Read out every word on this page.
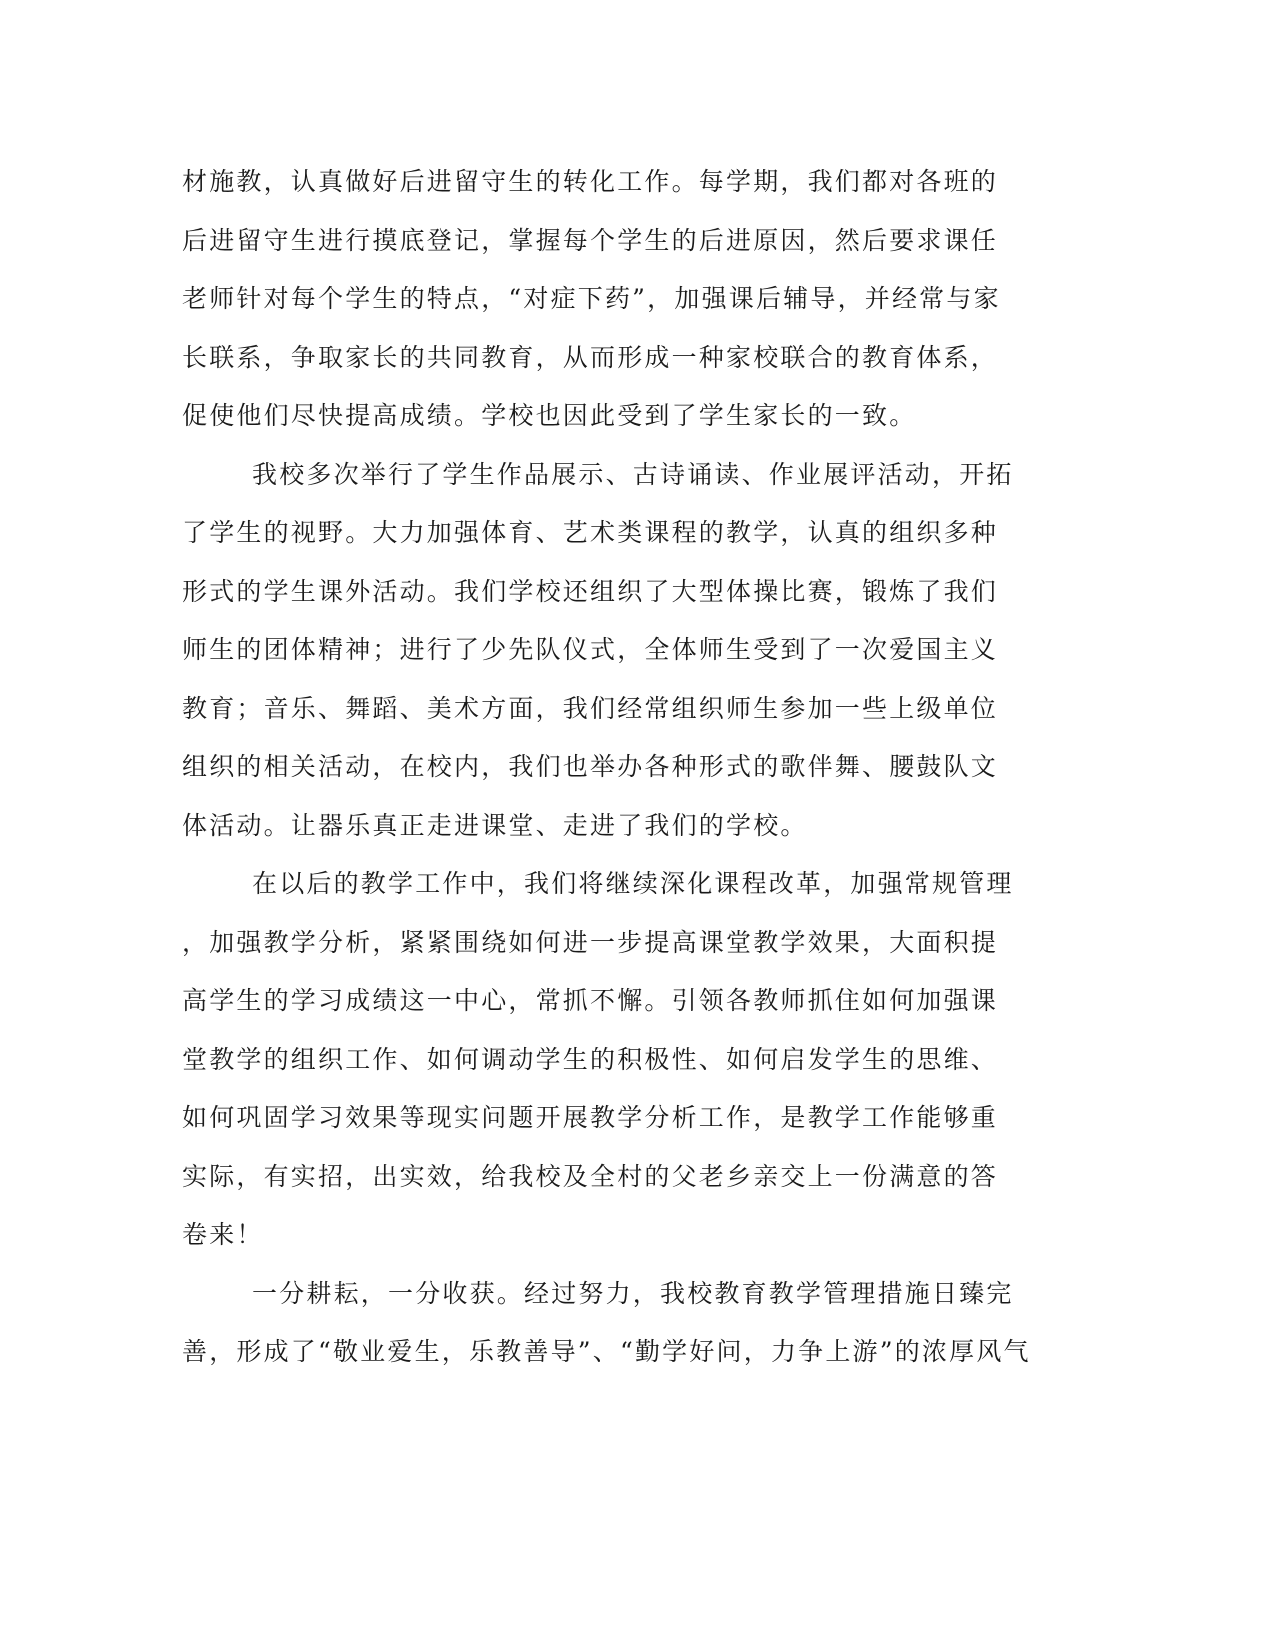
材施教，认真做好后进留守生的转化工作。每学期，我们都对各班的
后进留守生进行摸底登记，掌握每个学生的后进原因，然后要求课任
老师针对每个学生的特点，“对症下药”，加强课后辅导，并经常与家
长联系，争取家长的共同教育，从而形成一种家校联合的教育体系，
促使他们尽快提高成绩。学校也因此受到了学生家长的一致。
我校多次举行了学生作品展示、古诗诵读、作业展评活动，开拓
了学生的视野。大力加强体育、艺术类课程的教学，认真的组织多种
形式的学生课外活动。我们学校还组织了大型体操比赛，锻炼了我们
师生的团体精神；进行了少先队仪式，全体师生受到了一次爱国主义
教育；音乐、舞蹈、美术方面，我们经常组织师生参加一些上级单位
组织的相关活动，在校内，我们也举办各种形式的歌伴舞、腰鼓队文
体活动。让器乐真正走进课堂、走进了我们的学校。
在以后的教学工作中，我们将继续深化课程改革，加强常规管理
，加强教学分析，紧紧围绕如何进一步提高课堂教学效果，大面积提
高学生的学习成绩这一中心，常抓不懈。引领各教师抓住如何加强课
堂教学的组织工作、如何调动学生的积极性、如何启发学生的思维、
如何巩固学习效果等现实问题开展教学分析工作，是教学工作能够重
实际，有实招，出实效，给我校及全村的父老乡亲交上一份满意的答
卷来！
一分耕耘，一分收获。经过努力，我校教育教学管理措施日臻完
善，形成了“敬业爱生，乐教善导”、“勤学好问，力争上游”的浓厚风气
